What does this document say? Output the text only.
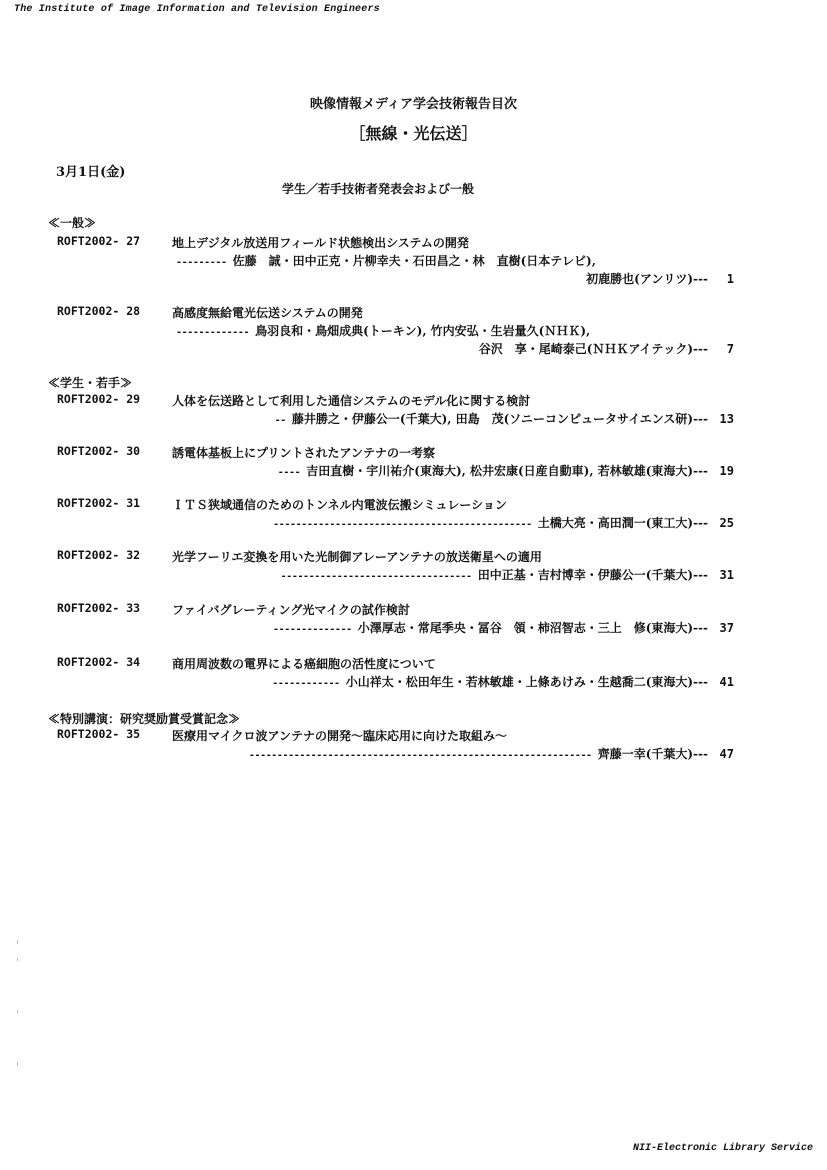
The Institute of Image Information and Television Engineers
映像情報メディア学会技術報告目次
［無線・光伝送］
3月1日(金)
学生／若手技術者発表会および一般
≪一般≫
≪学生・若手≫
≪特別講演：研究奨励賞受賞記念≫
ROFT2002- 27	地上デジタル放送用フィールド状態検出システムの開発
--------- 佐藤　誠・田中正克・片柳幸夫・石田昌之・林　直樹(日本テレビ),
初鹿勝也(アンリツ)---	1
ROFT2002- 28	高感度無給電光伝送システムの開発
------------- 鳥羽良和・鳥畑成典(トーキン), 竹内安弘・生岩量久(ＮＨＫ),
谷沢　享・尾崎泰己(ＮＨＫアイテック)---	7
ROFT2002- 29	人体を伝送路として利用した通信システムのモデル化に関する検討
-- 藤井勝之・伊藤公一(千葉大), 田島　茂(ソニーコンピュータサイエンス研)--- 13
ROFT2002- 30	誘電体基板上にプリントされたアンテナの一考察
---- 吉田直樹・宇川祐介(東海大), 松井宏康(日産自動車), 若林敏雄(東海大)--- 19
ROFT2002- 31	ＩＴＳ狭域通信のためのトンネル内電波伝搬シミュレーション
---------------------------------------------- 土橋大亮・高田潤一(東工大)--- 25
ROFT2002- 32	光学フーリエ変換を用いた光制御アレーアンテナの放送衛星への適用
---------------------------------- 田中正基・吉村博幸・伊藤公一(千葉大)--- 31
ROFT2002- 33	ファイバグレーティング光マイクの試作検討
-------------- 小澤厚志・常尾季央・冨谷　領・柿沼智志・三上　修(東海大)--- 37
ROFT2002- 34	商用周波数の電界による癌細胞の活性度について
------------ 小山祥太・松田年生・若林敏雄・上條あけみ・生越喬二(東海大)--- 41
ROFT2002- 35	医療用マイクロ波アンテナの開発～臨床応用に向けた取組み～
------------------------------------------------------------- 齊藤一幸(千葉大)--- 47
NII-Electronic Library Service
